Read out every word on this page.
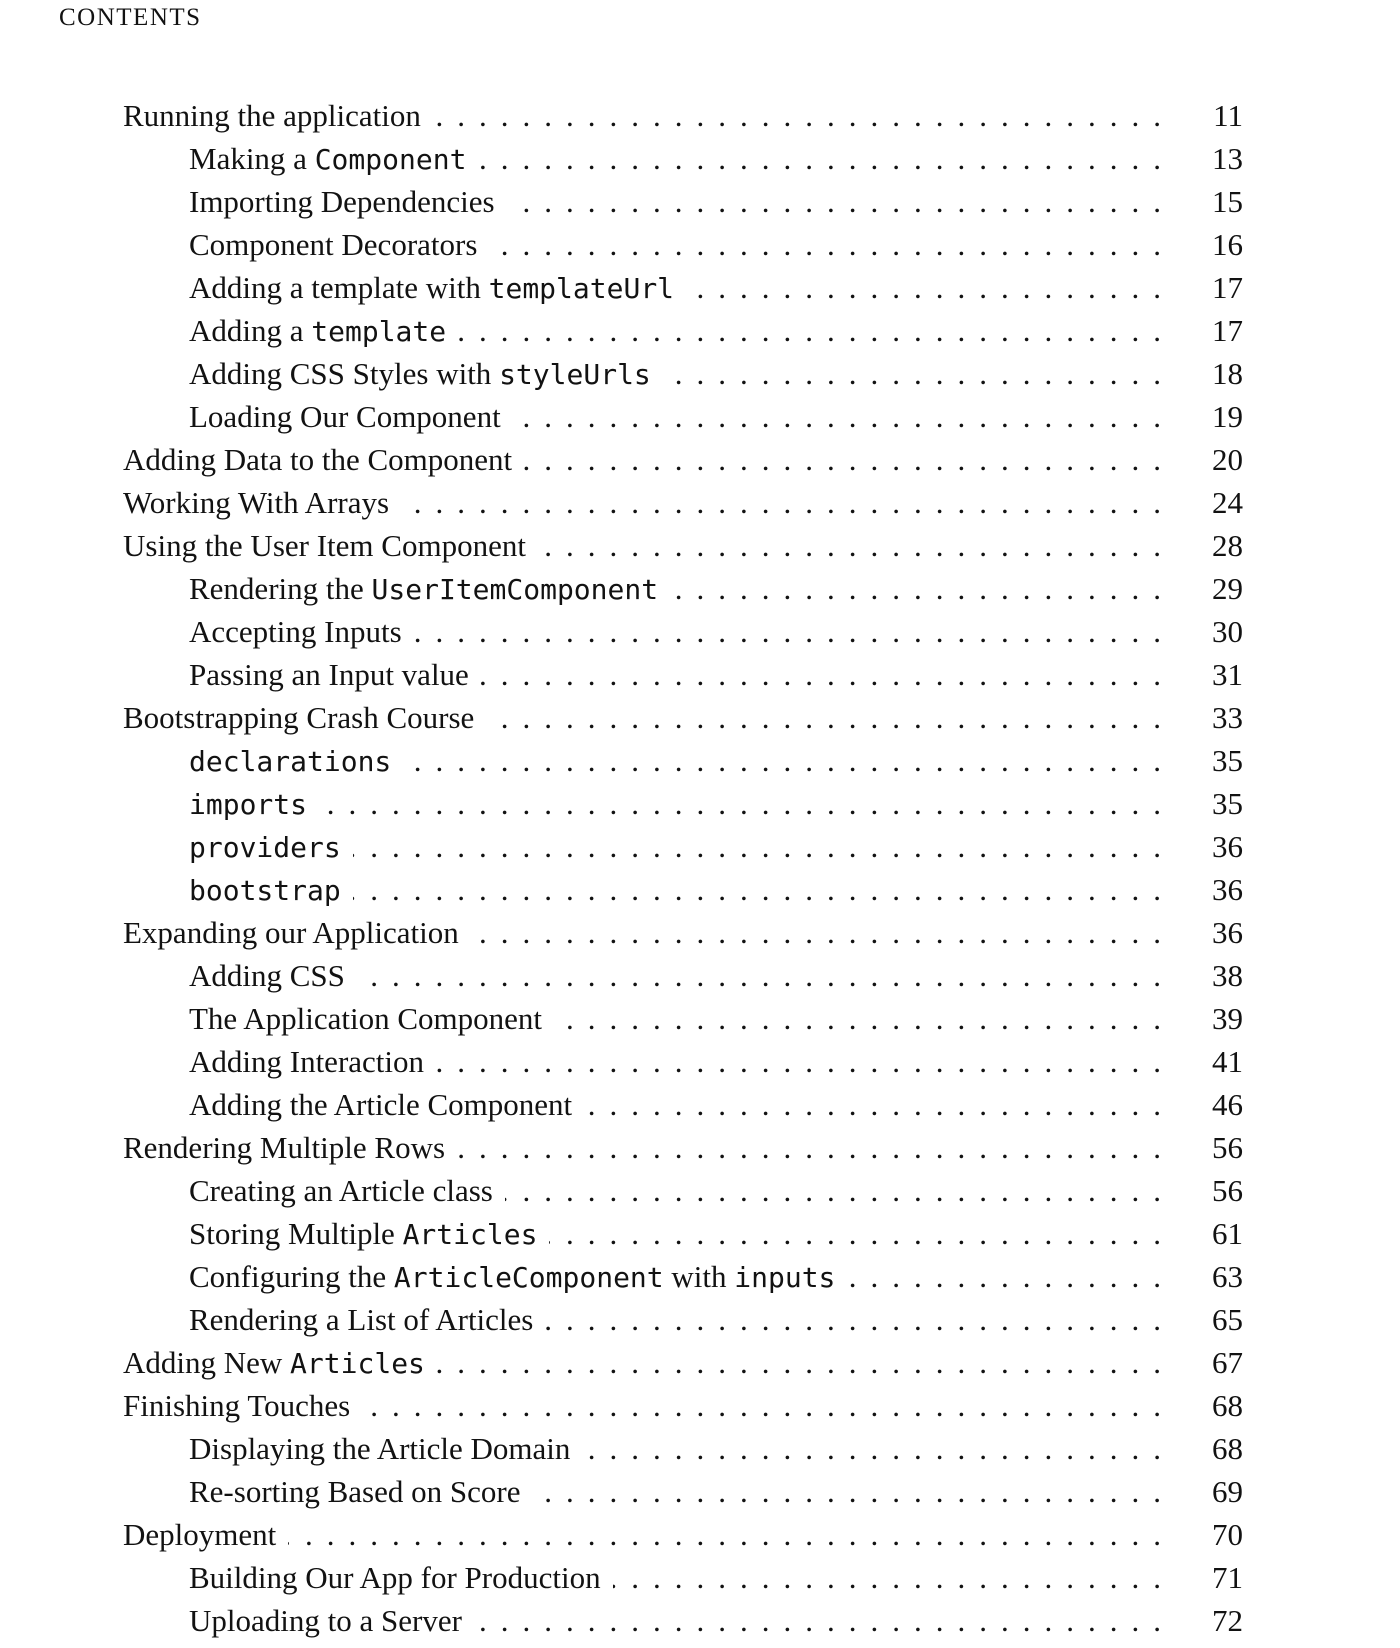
CONTENTS
Running the application .....	11
Making a Component .....	13
Importing Dependencies .....	15
Component Decorators .....	16
Adding a template with templateUrl .....	17
Adding a template .....	17
Adding CSS Styles with styleUrls .....	18
Loading Our Component .....	19
Adding Data to the Component .....	20
Working With Arrays .....	24
Using the User Item Component .....	28
Rendering the UserItemComponent .....	29
Accepting Inputs .....	30
Passing an Input value .....	31
Bootstrapping Crash Course .....	33
declarations .....	35
imports .....	35
providers .....	36
bootstrap .....	36
Expanding our Application .....	36
Adding CSS .....	38
The Application Component .....	39
Adding Interaction .....	41
Adding the Article Component .....	46
Rendering Multiple Rows .....	56
Creating an Article class .....	56
Storing Multiple Articles .....	61
Configuring the ArticleComponent with inputs .....	63
Rendering a List of Articles .....	65
Adding New Articles .....	67
Finishing Touches .....	68
Displaying the Article Domain .....	68
Re-sorting Based on Score .....	69
Deployment .....	70
Building Our App for Production .....	71
Uploading to a Server .....	72
